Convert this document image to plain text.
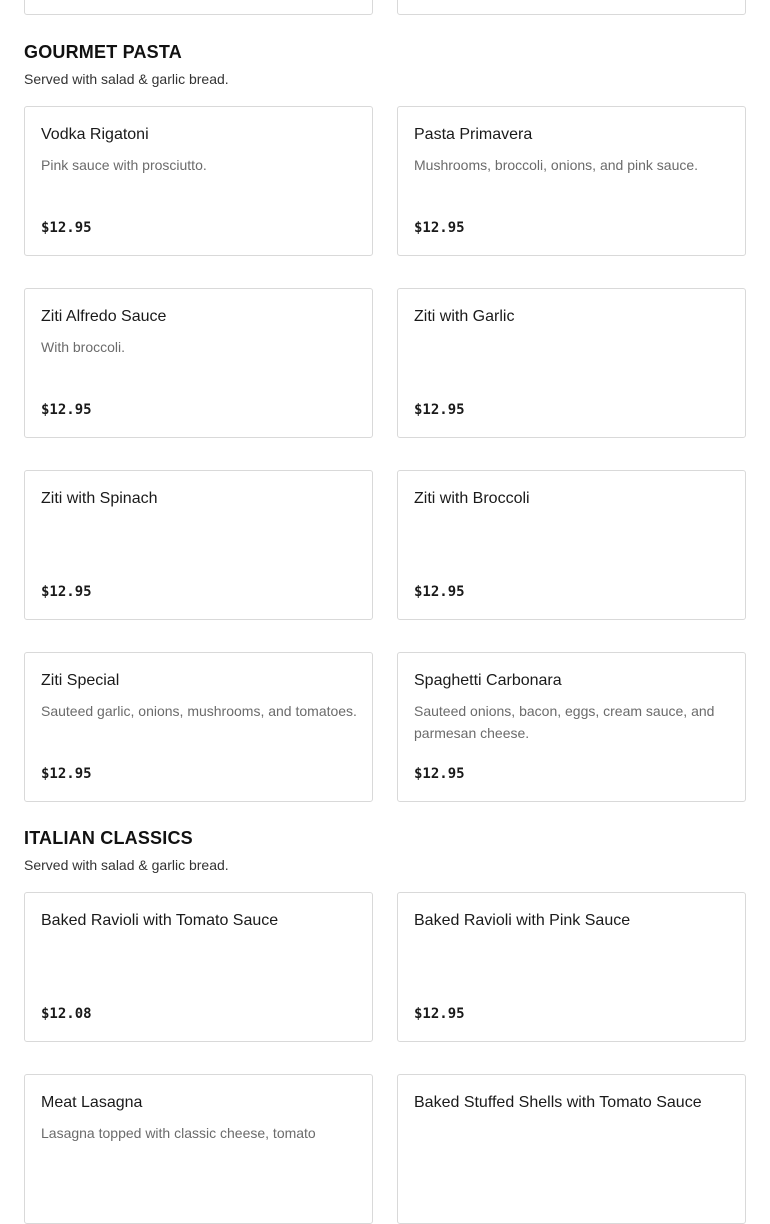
GOURMET PASTA
Served with salad & garlic bread.
Vodka Rigatoni
Pink sauce with prosciutto.
$12.95
Pasta Primavera
Mushrooms, broccoli, onions, and pink sauce.
$12.95
Ziti Alfredo Sauce
With broccoli.
$12.95
Ziti with Garlic
$12.95
Ziti with Spinach
$12.95
Ziti with Broccoli
$12.95
Ziti Special
Sauteed garlic, onions, mushrooms, and tomatoes.
$12.95
Spaghetti Carbonara
Sauteed onions, bacon, eggs, cream sauce, and parmesan cheese.
$12.95
ITALIAN CLASSICS
Served with salad & garlic bread.
Baked Ravioli with Tomato Sauce
$12.08
Baked Ravioli with Pink Sauce
$12.95
Meat Lasagna
Lasagna topped with classic cheese, tomato
Baked Stuffed Shells with Tomato Sauce
